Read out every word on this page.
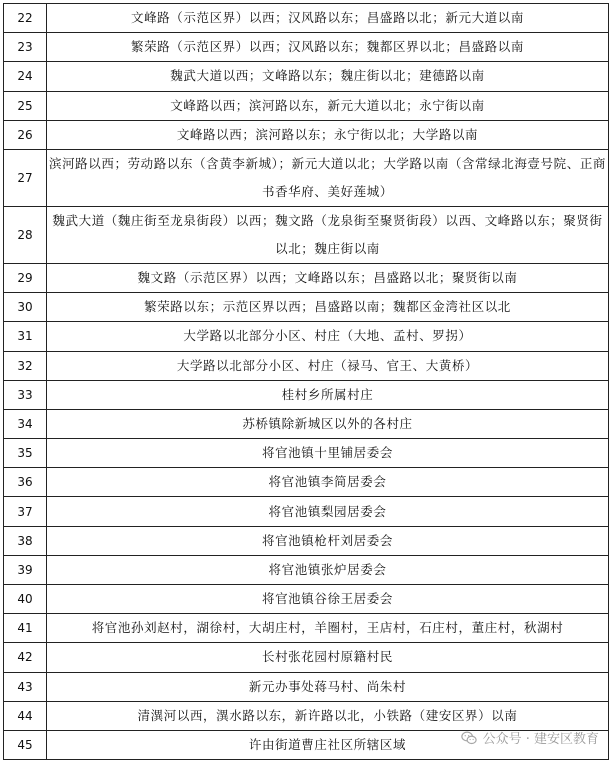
22	文峰路（示范区界）以西；汉风路以东；昌盛路以北；新元大道以南
23	繁荣路（示范区界）以西；汉风路以东；魏都区界以北；昌盛路以南
24	魏武大道以西；文峰路以东；魏庄街以北；建德路以南
25	文峰路以西；滨河路以东，新元大道以北；永宁街以南
26	文峰路以西；滨河路以东；永宁街以北；大学路以南
27	滨河路以西；劳动路以东（含黄李新城）；新元大道以北；大学路以南（含常绿北海壹号院、正商书香华府、美好莲城）
28	魏武大道（魏庄街至龙泉街段）以西；魏文路（龙泉街至聚贤街段）以西、文峰路以东；聚贤街以北；魏庄街以南
29	魏文路（示范区界）以西；文峰路以东；昌盛路以北；聚贤街以南
30	繁荣路以东；示范区界以西；昌盛路以南；魏都区金湾社区以北
31	大学路以北部分小区、村庄（大地、孟村、罗拐）
32	大学路以北部分小区、村庄（禄马、官王、大黄桥）
33	桂村乡所属村庄
34	苏桥镇除新城区以外的各村庄
35	将官池镇十里铺居委会
36	将官池镇李简居委会
37	将官池镇梨园居委会
38	将官池镇枪杆刘居委会
39	将官池镇张炉居委会
40	将官池镇谷徐王居委会
41	将官池孙刘赵村，湖徐村，大胡庄村，羊圈村，王店村，石庄村，董庄村，秋湖村
42	长村张花园村原籍村民
43	新元办事处蒋马村、尚朱村
44	清潩河以西，潩水路以东，新许路以北，小铁路（建安区界）以南
45	许由街道曹庄社区所辖区域	公众号 · 建安区教育
